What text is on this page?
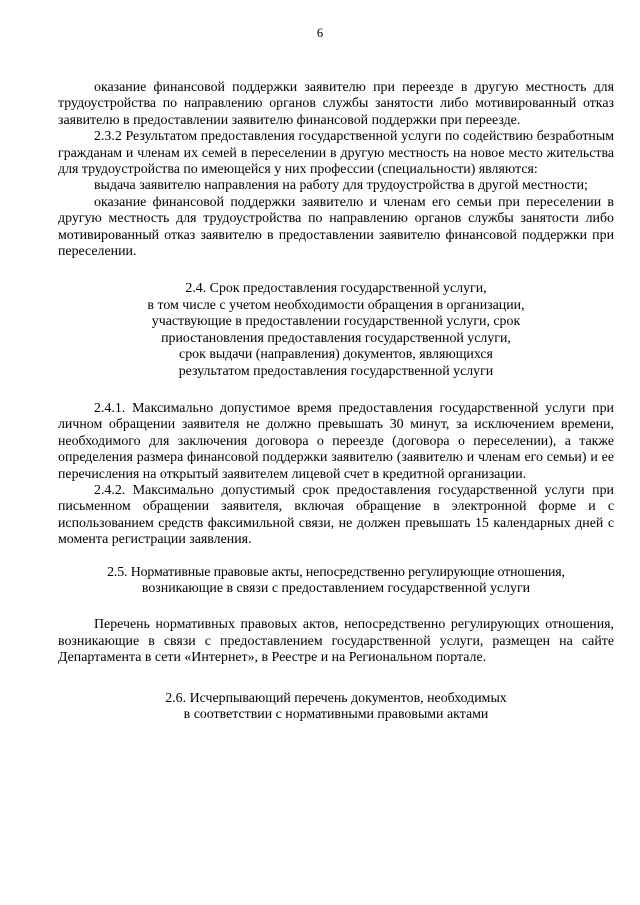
6

оказание финансовой поддержки заявителю при переезде в другую местность для трудоустройства по направлению органов службы занятости либо мотивированный отказ заявителю в предоставлении заявителю финансовой поддержки при переезде.

2.3.2 Результатом предоставления государственной услуги по содействию безработным гражданам и членам их семей в переселении в другую местность на новое место жительства для трудоустройства по имеющейся у них профессии (специальности) являются:

выдача заявителю направления на работу для трудоустройства в другой местности;

оказание финансовой поддержки заявителю и членам его семьи при переселении в другую местность для трудоустройства по направлению органов службы занятости либо мотивированный отказ заявителю в предоставлении заявителю финансовой поддержки при переселении.

2.4. Срок предоставления государственной услуги,
в том числе с учетом необходимости обращения в организации,
участвующие в предоставлении государственной услуги, срок
приостановления предоставления государственной услуги,
срок выдачи (направления) документов, являющихся
результатом предоставления государственной услуги

2.4.1. Максимально допустимое время предоставления государственной услуги при личном обращении заявителя не должно превышать 30 минут, за исключением времени, необходимого для заключения договора о переезде (договора о переселении), а также определения размера финансовой поддержки заявителю (заявителю и членам его семьи) и ее перечисления на открытый заявителем лицевой счет в кредитной организации.

2.4.2. Максимально допустимый срок предоставления государственной услуги при письменном обращении заявителя, включая обращение в электронной форме и с использованием средств факсимильной связи, не должен превышать 15 календарных дней с момента регистрации заявления.

2.5. Нормативные правовые акты, непосредственно регулирующие отношения,
возникающие в связи с предоставлением государственной услуги

Перечень нормативных правовых актов, непосредственно регулирующих отношения, возникающие в связи с предоставлением государственной услуги, размещен на сайте Департамента в сети «Интернет», в Реестре и на Региональном портале.

2.6. Исчерпывающий перечень документов, необходимых
в соответствии с нормативными правовыми актами
